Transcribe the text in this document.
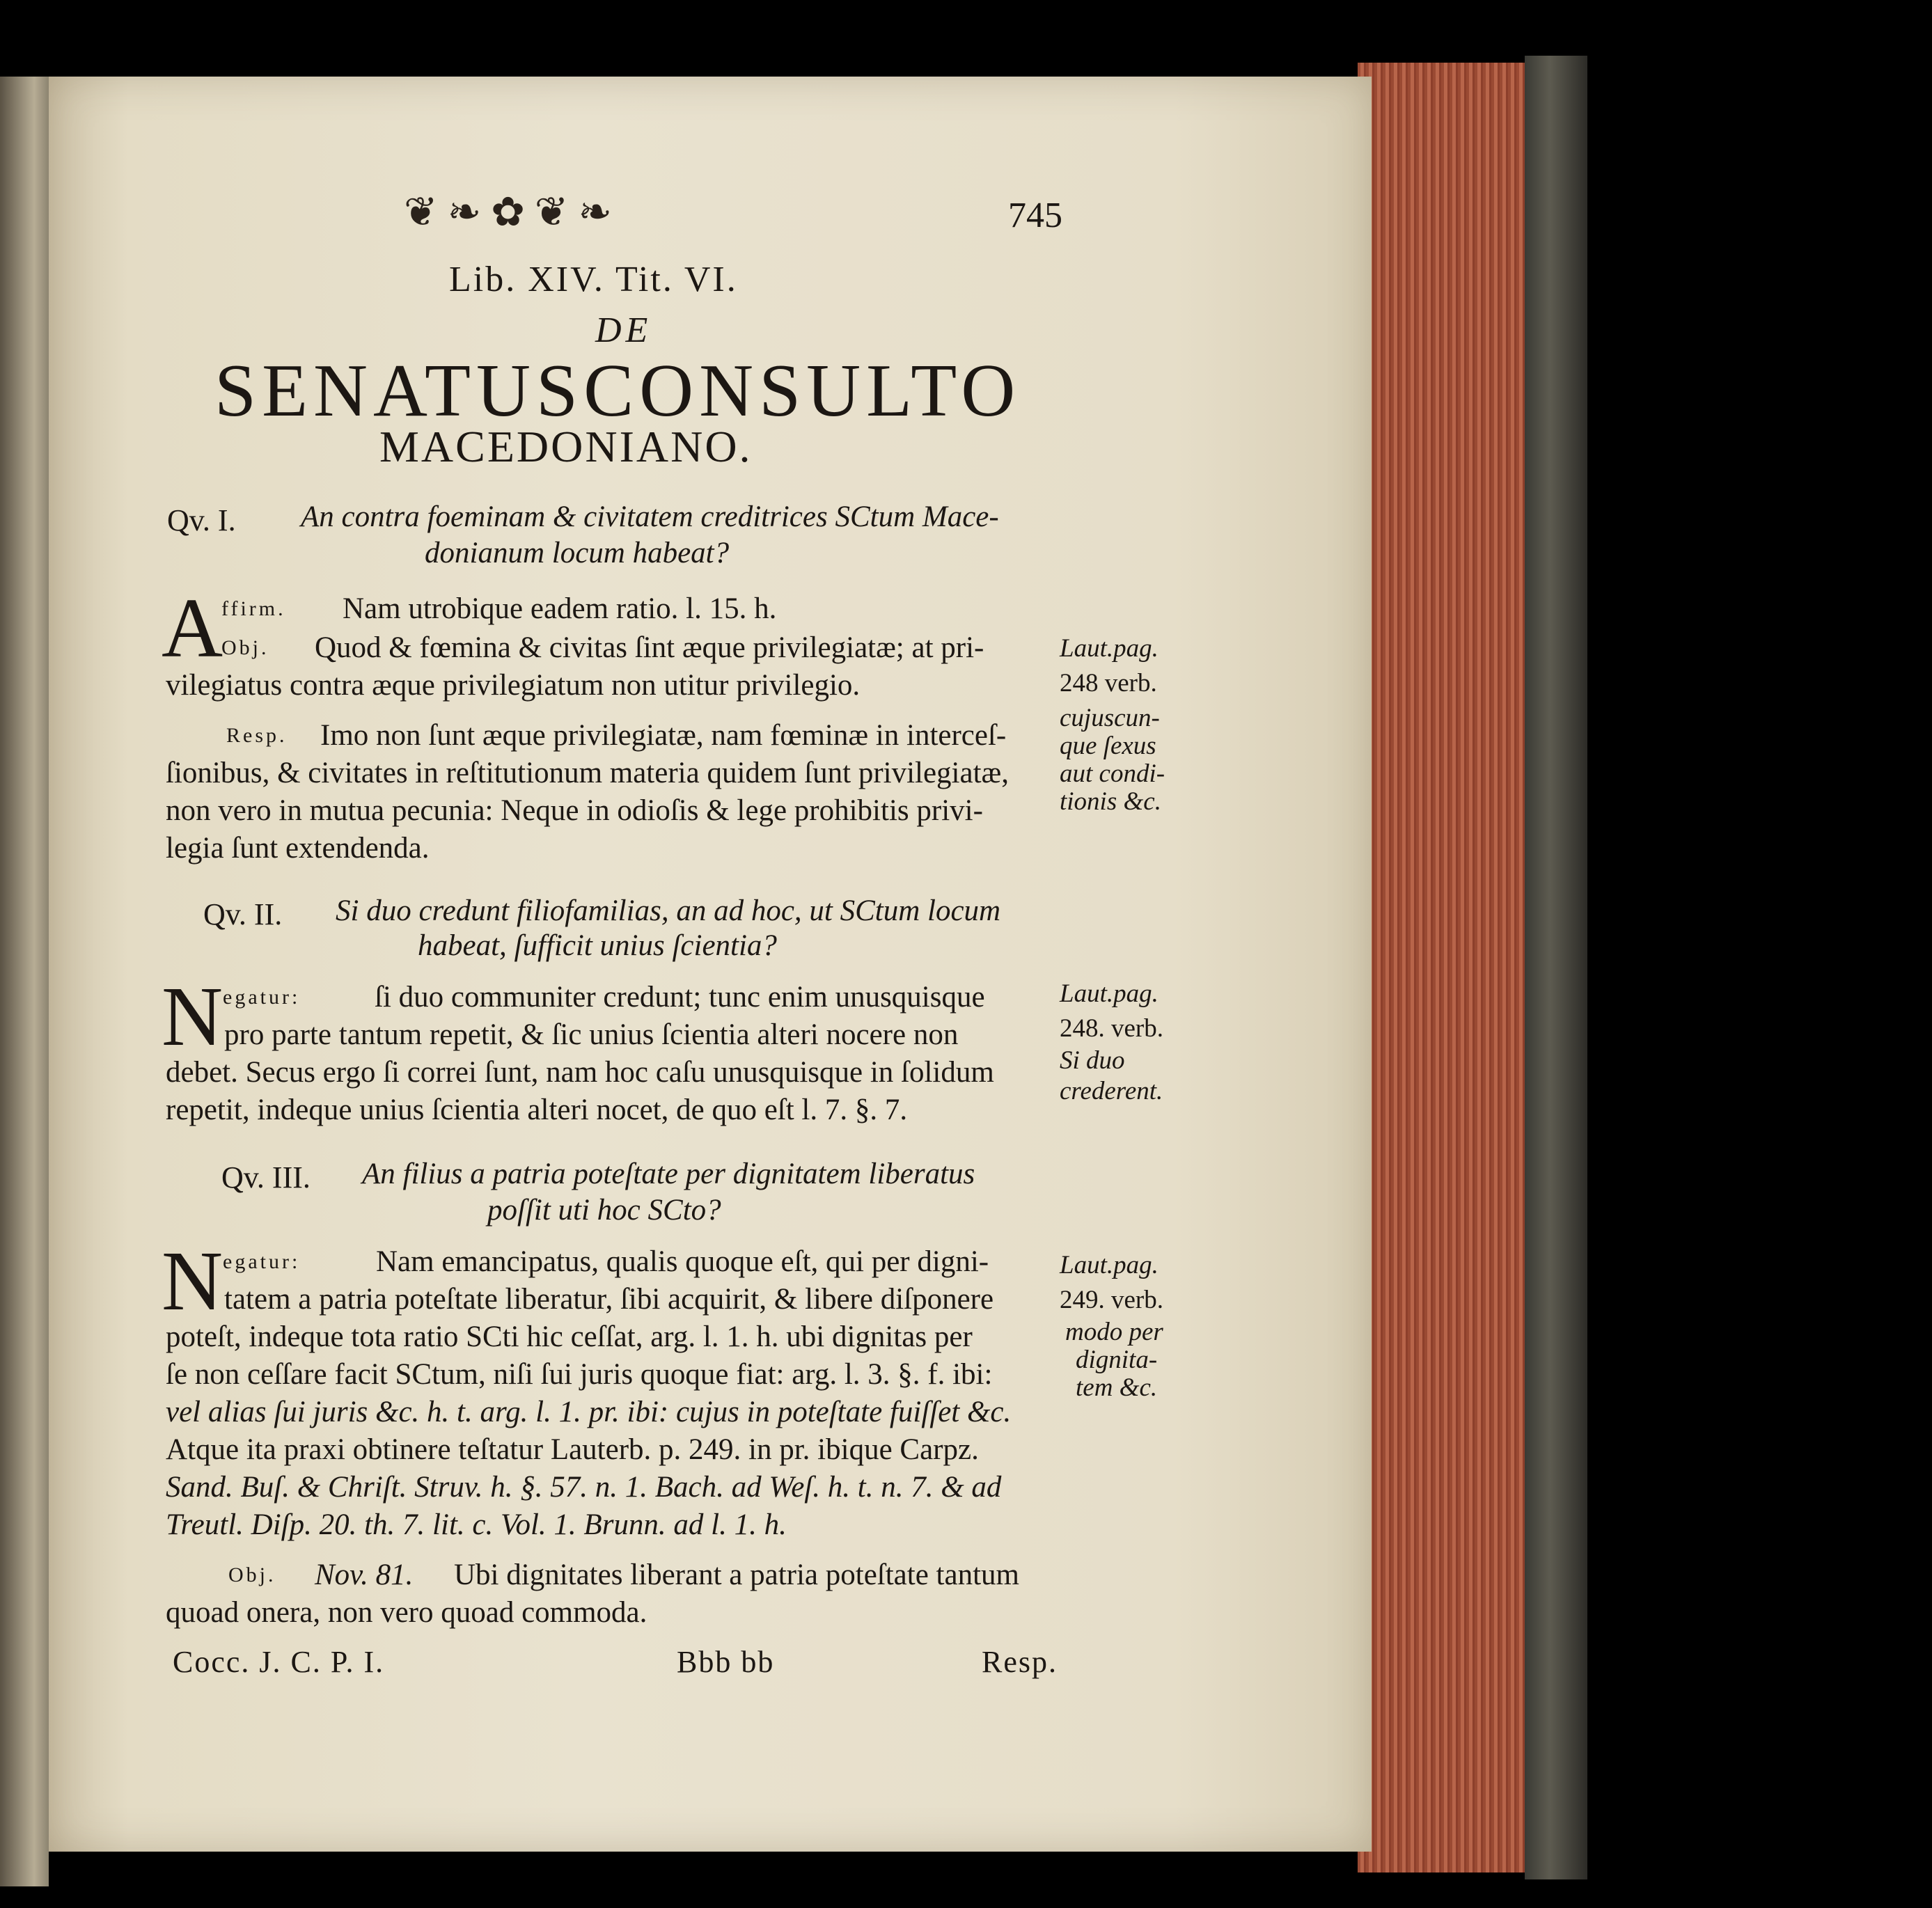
❦❧✿❦❧	745
Lib. XIV. Tit. VI.
DE
SENATUSCONSULTO
MACEDONIANO.
Qv. I. An contra foeminam & civitatem creditrices SCtum Mace-
donianum locum habeat?
A
ffirm. Nam utrobique eadem ratio. l. 15. h.
Obj. Quod & fœmina & civitas ſint æque privilegiatæ; at pri-
vilegiatus contra æque privilegiatum non utitur privilegio.
Resp. Imo non ſunt æque privilegiatæ, nam fœminæ in interceſ-
ſionibus, & civitates in reſtitutionum materia quidem ſunt privilegiatæ,
non vero in mutua pecunia: Neque in odioſis & lege prohibitis privi-
legia ſunt extendenda.
Laut.pag.
248 verb.
cujuscun-
que ſexus
aut condi-
tionis &c.
Qv. II. Si duo credunt filiofamilias, an ad hoc, ut SCtum locum
habeat, ſufficit unius ſcientia?
N egatur: ſi duo communiter credunt; tunc enim unusquisque
pro parte tantum repetit, & ſic unius ſcientia alteri nocere non
debet. Secus ergo ſi correi ſunt, nam hoc caſu unusquisque in ſolidum
repetit, indeque unius ſcientia alteri nocet, de quo eſt l. 7. §. 7.
Laut.pag.
248. verb.
Si duo
crederent.
Qv. III. An filius a patria poteſtate per dignitatem liberatus
poſſit uti hoc SCto?
N egatur:	Nam emancipatus, qualis quoque eſt, qui per digni-
tatem a patria poteſtate liberatur, ſibi acquirit, & libere diſponere
poteſt, indeque tota ratio SCti hic ceſſat, arg. l. 1. h. ubi dignitas per
ſe non ceſſare facit SCtum, niſi ſui juris quoque fiat: arg. l. 3. §. f. ibi:
vel alias ſui juris &c. h. t. arg. l. 1. pr. ibi: cujus in poteſtate fuiſſet &c.
Atque ita praxi obtinere teſtatur Lauterb. p. 249. in pr. ibique Carpz.
Sand. Buſ. & Chriſt. Struv. h. §. 57. n. 1. Bach. ad Weſ. h. t. n. 7. & ad
Treutl. Diſp. 20. th. 7. lit. c. Vol. 1. Brunn. ad l. 1. h.
Obj. Nov. 81. Ubi dignitates liberant a patria poteſtate tantum
quoad onera, non vero quoad commoda.
Laut.pag.
249. verb.
modo per
dignita-
tem &c.
Cocc. J. C. P. I.	Bbb bb	Resp.
